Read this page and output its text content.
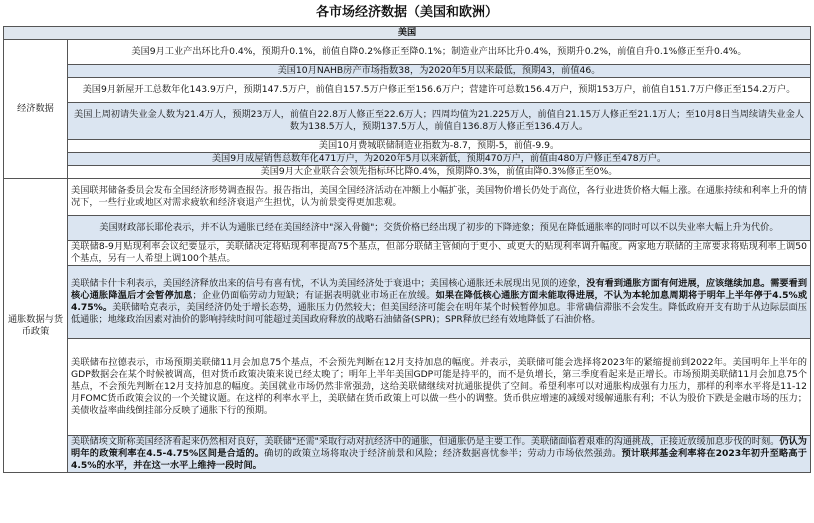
各市场经济数据（美国和欧洲）
美国	
经济数据	美国9月工业产出环比升0.4%，预期升0.1%，前值自降0.2%修正至降0.1%；制造业产出环比升0.4%，预期升0.2%，前值自升0.1%修正至升0.4%。
	美国10月NAHB房产市场指数38，为2020年5月以来最低，预期43，前值46。
	美国9月新屋开工总数年化143.9万户，预期147.5万户，前值自157.5万户修正至156.6万户；营建许可总数156.4万户，预期153万户，前值自151.7万户修正至154.2万户。
	美国上周初请失业金人数为21.4万人，预期23万人，前值自22.8万人修正至22.6万人；四周均值为21.225万人，前值自21.15万人修正至21.1万人；至10月8日当周续请失业金人数为138.5万人，预期137.5万人，前值自136.8万人修正至136.4万人。
	美国10月费城联储制造业指数为-8.7，预期-5，前值-9.9。
	美国9月成屋销售总数年化471万户，为2020年5月以来新低，预期470万户，前值由480万户修正至478万户。
	美国9月大企业联合会领先指标环比降0.4%，预期降0.3%，前值由降0.3%修正至0%。
通胀数据与货币政策	美国联邦储备委员会发布全国经济形势调查报告。报告指出，美国全国经济活动在冲额上小幅扩张，美国物价增长仍处于高位，各行业进货价格大幅上涨。在通胀持续和利率上升的情况下，一些行业或地区对需求疲软和经济衰退产生担忧，认为前景变得更加悲观。
	美国财政部长耶伦表示，并不认为通胀已经在美国经济中"深入骨髓"；交货价格已经出现了初步的下降迹象；预见在降低通胀率的同时可以不以失业率大幅上升为代价。
	美联储8-9月贴现利率会议纪要显示，美联储决定将贴现利率提高75个基点，但部分联储主管倾向于更小、或更大的贴现利率调升幅度。两家地方联储的主席要求将贴现利率上调50个基点，另有一人希望上调100个基点。
	美联储卡什卡利表示，美国经济释放出来的信号有喜有忧，不认为美国经济处于衰退中；美国核心通胀还未展现出见顶的迹象，没有看到通胀方面有何进展，应该继续加息。需要看到核心通胀降温后才会暂停加息；企业仍面临劳动力短缺；有证据表明就业市场正在放缓。如果在降低核心通胀方面未能取得进展，不认为本轮加息周期将于明年上半年停于4.5%或4.75%。美联储哈克表示，美国经济仍处于增长态势，通胀压力仍然较大；但美国经济可能会在明年某个时候暂停加息。非常确信滞胀不会发生。降低政府开支有助于从边际层面压低通胀；地缘政治因素对油价的影响持续时间可能超过美国政府释放的战略石油储备(SPR)；SPR释放已经有效地降低了石油价格。
	美联储布拉德表示，市场预期美联储11月会加息75个基点，不会预先判断在12月支持加息的幅度。并表示，美联储可能会选择将2023年的紧缩提前到2022年。美国明年上半年的GDP数据会在某个时候被调高，但对货币政策决策来说已经太晚了；明年上半年美国GDP可能是持平的，而不是负增长，第三季度看起来是正增长。市场预期美联储11月会加息75个基点，不会预先判断在12月支持加息的幅度。美国就业市场仍然非常强劲，这给美联储继续对抗通胀提供了空间。希望利率可以对通胀构成强有力压力，那样的利率水平将是11-12月FOMC货币政策会议的一个关键议题。在这样的利率水平上，美联储在货币政策上可以做一些小的调整。货币供应增速的减缓对缓解通胀有利；不认为股价下跌是金融市场的压力；美债收益率曲线倒挂部分反映了通胀下行的预期。
	美联储埃文斯称美国经济看起来仍然相对良好，美联储"还需"采取行动对抗经济中的通胀，但通胀仍是主要工作。美联储面临着艰难的沟通挑战，正接近放缓加息步伐的时刻。仍认为明年的政策利率在4.5-4.75%区间是合适的。确切的政策立场将取决于经济前景和风险；经济数据喜忧参半；劳动力市场依然强劲。预计联邦基金利率将在2023年初升至略高于4.5%的水平，并在这一水平上维持一段时间。
